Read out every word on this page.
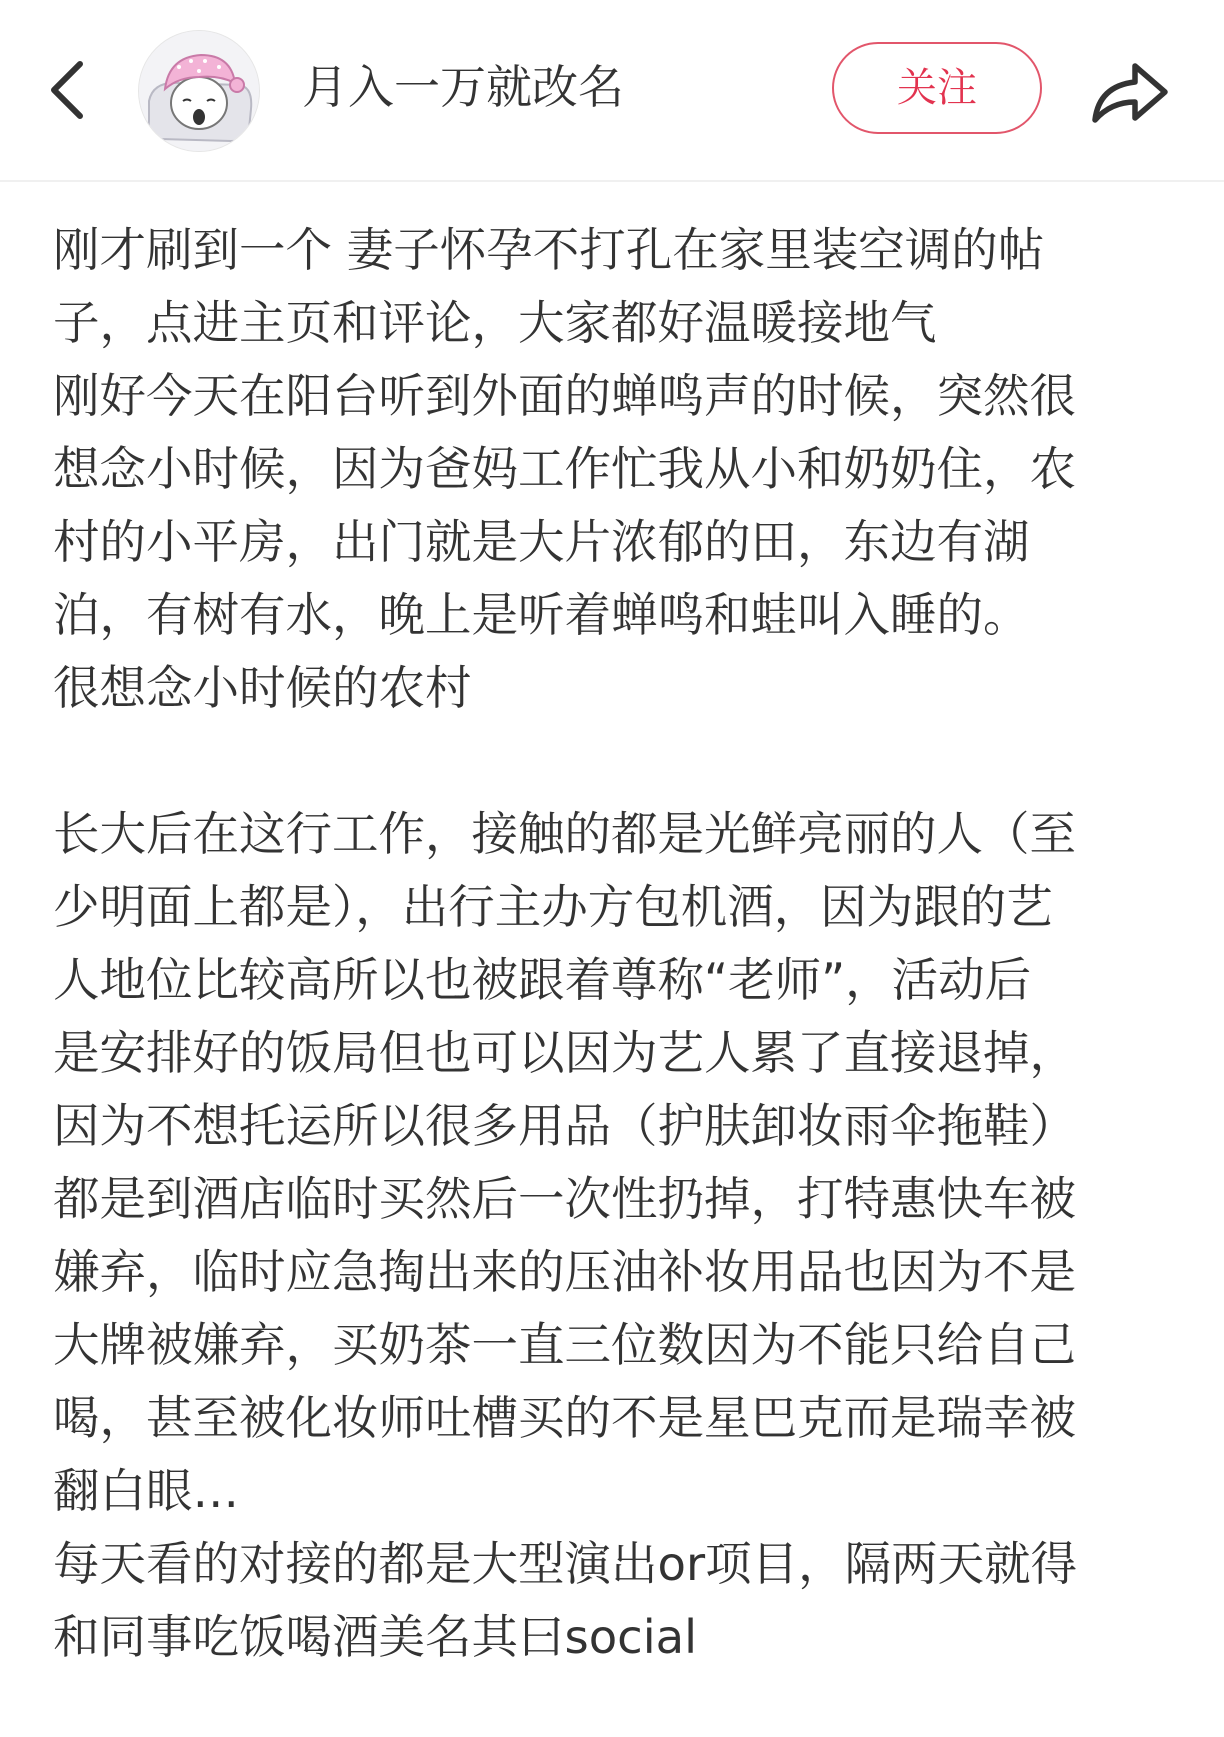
月入一万就改名	关注

刚才刷到一个 妻子怀孕不打孔在家里装空调的帖

子，点进主页和评论，大家都好温暖接地气

刚好今天在阳台听到外面的蝉鸣声的时候，突然很

想念小时候，因为爸妈工作忙我从小和奶奶住，农

村的小平房，出门就是大片浓郁的田，东边有湖

泊，有树有水，晚上是听着蝉鸣和蛙叫入睡的。

很想念小时候的农村

长大后在这行工作，接触的都是光鲜亮丽的人（至

少明面上都是），出行主办方包机酒，因为跟的艺

人地位比较高所以也被跟着尊称“老师”，活动后

是安排好的饭局但也可以因为艺人累了直接退掉，

因为不想托运所以很多用品（护肤卸妆雨伞拖鞋）

都是到酒店临时买然后一次性扔掉，打特惠快车被

嫌弃，临时应急掏出来的压油补妆用品也因为不是

大牌被嫌弃，买奶茶一直三位数因为不能只给自己

喝，甚至被化妆师吐槽买的不是星巴克而是瑞幸被

翻白眼…

每天看的对接的都是大型演出or项目，隔两天就得

和同事吃饭喝酒美名其曰social
